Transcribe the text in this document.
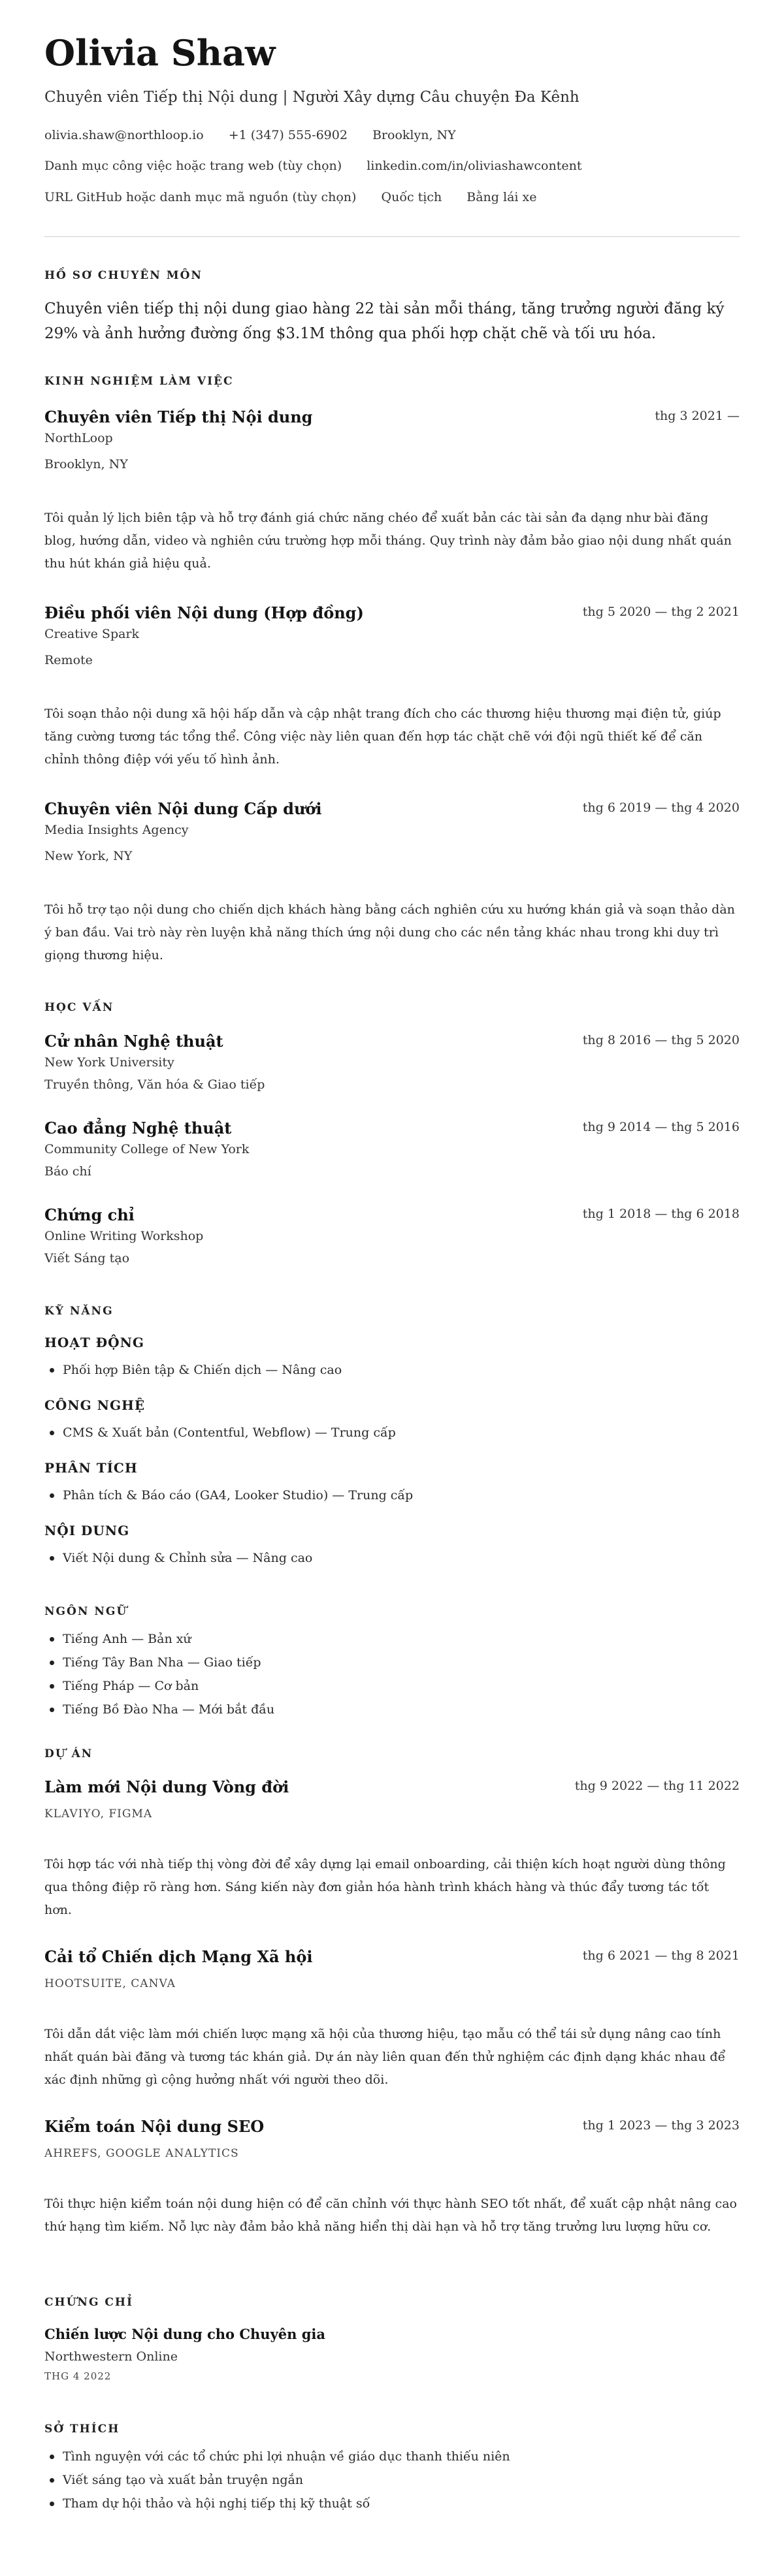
Olivia Shaw
Chuyên viên Tiếp thị Nội dung | Người Xây dựng Câu chuyện Đa Kênh
olivia.shaw@northloop.io +1 (347) 555-6902 Brooklyn, NY
Danh mục công việc hoặc trang web (tùy chọn) linkedin.com/in/oliviashawcontent
URL GitHub hoặc danh mục mã nguồn (tùy chọn) Quốc tịch Bằng lái xe
HỒ SƠ CHUYÊN MÔN
Chuyên viên tiếp thị nội dung giao hàng 22 tài sản mỗi tháng, tăng trưởng người đăng ký 29% và ảnh hưởng đường ống $3.1M thông qua phối hợp chặt chẽ và tối ưu hóa.
KINH NGHIỆM LÀM VIỆC
Chuyên viên Tiếp thị Nội dung	thg 3 2021 —
NorthLoop
Brooklyn, NY
Tôi quản lý lịch biên tập và hỗ trợ đánh giá chức năng chéo để xuất bản các tài sản đa dạng như bài đăng blog, hướng dẫn, video và nghiên cứu trường hợp mỗi tháng. Quy trình này đảm bảo giao nội dung nhất quán thu hút khán giả hiệu quả.
Điều phối viên Nội dung (Hợp đồng)	thg 5 2020 — thg 2 2021
Creative Spark
Remote
Tôi soạn thảo nội dung xã hội hấp dẫn và cập nhật trang đích cho các thương hiệu thương mại điện tử, giúp tăng cường tương tác tổng thể. Công việc này liên quan đến hợp tác chặt chẽ với đội ngũ thiết kế để căn chỉnh thông điệp với yếu tố hình ảnh.
Chuyên viên Nội dung Cấp dưới	thg 6 2019 — thg 4 2020
Media Insights Agency
New York, NY
Tôi hỗ trợ tạo nội dung cho chiến dịch khách hàng bằng cách nghiên cứu xu hướng khán giả và soạn thảo dàn ý ban đầu. Vai trò này rèn luyện khả năng thích ứng nội dung cho các nền tảng khác nhau trong khi duy trì giọng thương hiệu.
HỌC VẤN
Cử nhân Nghệ thuật	thg 8 2016 — thg 5 2020
New York University
Truyền thông, Văn hóa & Giao tiếp
Cao đẳng Nghệ thuật	thg 9 2014 — thg 5 2016
Community College of New York
Báo chí
Chứng chỉ	thg 1 2018 — thg 6 2018
Online Writing Workshop
Viết Sáng tạo
KỸ NĂNG
HOẠT ĐỘNG
Phối hợp Biên tập & Chiến dịch — Nâng cao
CÔNG NGHỆ
CMS & Xuất bản (Contentful, Webflow) — Trung cấp
PHÂN TÍCH
Phân tích & Báo cáo (GA4, Looker Studio) — Trung cấp
NỘI DUNG
Viết Nội dung & Chỉnh sửa — Nâng cao
NGÔN NGỮ
Tiếng Anh — Bản xứ
Tiếng Tây Ban Nha — Giao tiếp
Tiếng Pháp — Cơ bản
Tiếng Bồ Đào Nha — Mới bắt đầu
DỰ ÁN
Làm mới Nội dung Vòng đời	thg 9 2022 — thg 11 2022
KLAVIYO, FIGMA
Tôi hợp tác với nhà tiếp thị vòng đời để xây dựng lại email onboarding, cải thiện kích hoạt người dùng thông qua thông điệp rõ ràng hơn. Sáng kiến này đơn giản hóa hành trình khách hàng và thúc đẩy tương tác tốt hơn.
Cải tổ Chiến dịch Mạng Xã hội	thg 6 2021 — thg 8 2021
HOOTSUITE, CANVA
Tôi dẫn dắt việc làm mới chiến lược mạng xã hội của thương hiệu, tạo mẫu có thể tái sử dụng nâng cao tính nhất quán bài đăng và tương tác khán giả. Dự án này liên quan đến thử nghiệm các định dạng khác nhau để xác định những gì cộng hưởng nhất với người theo dõi.
Kiểm toán Nội dung SEO	thg 1 2023 — thg 3 2023
AHREFS, GOOGLE ANALYTICS
Tôi thực hiện kiểm toán nội dung hiện có để căn chỉnh với thực hành SEO tốt nhất, để xuất cập nhật nâng cao thứ hạng tìm kiếm. Nỗ lực này đảm bảo khả năng hiển thị dài hạn và hỗ trợ tăng trưởng lưu lượng hữu cơ.
CHỨNG CHỈ
Chiến lược Nội dung cho Chuyên gia
Northwestern Online
THG 4 2022
SỞ THÍCH
Tình nguyện với các tổ chức phi lợi nhuận về giáo dục thanh thiếu niên
Viết sáng tạo và xuất bản truyện ngắn
Tham dự hội thảo và hội nghị tiếp thị kỹ thuật số
